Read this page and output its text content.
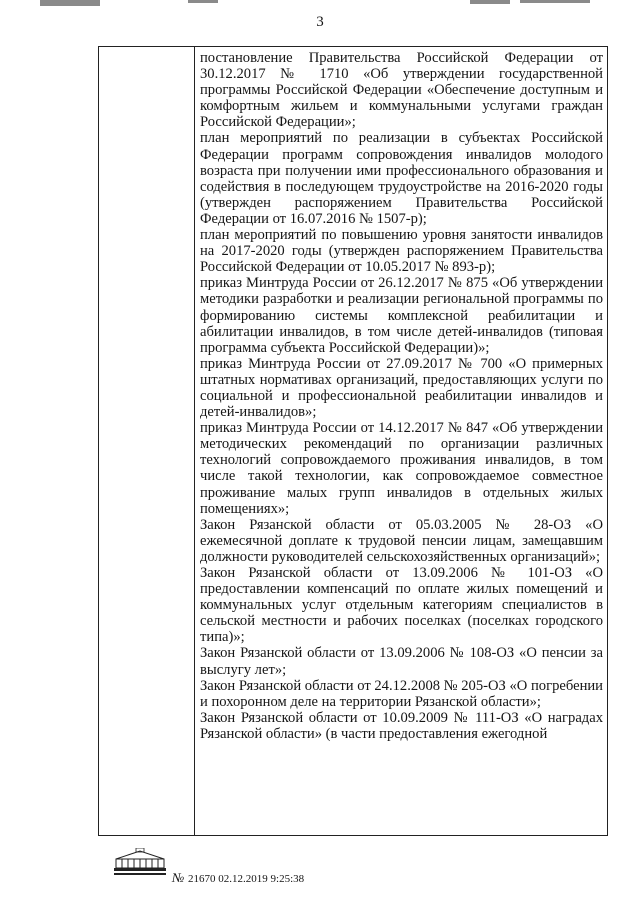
3

постановление Правительства Российской Федерации от 30.12.2017 № 1710 «Об утверждении государственной программы Российской Федерации «Обеспечение доступным и комфортным жильем и коммунальными услугами граждан Российской Федерации»;

план мероприятий по реализации в субъектах Российской Федерации программ сопровождения инвалидов молодого возраста при получении ими профессионального образования и содействия в последующем трудоустройстве на 2016-2020 годы (утвержден распоряжением Правительства Российской Федерации от 16.07.2016 № 1507-р);

план мероприятий по повышению уровня занятости инвалидов на 2017-2020 годы (утвержден распоряжением Правительства Российской Федерации от 10.05.2017 № 893-р);

приказ Минтруда России от 26.12.2017 № 875 «Об утверждении методики разработки и реализации региональной программы по формированию системы комплексной реабилитации и абилитации инвалидов, в том числе детей-инвалидов (типовая программа субъекта Российской Федерации)»;

приказ Минтруда России от 27.09.2017 № 700 «О примерных штатных нормативах организаций, предоставляющих услуги по социальной и профессиональной реабилитации инвалидов и детей-инвалидов»;

приказ Минтруда России от 14.12.2017 № 847 «Об утверждении методических рекомендаций по организации различных технологий сопровождаемого проживания инвалидов, в том числе такой технологии, как сопровождаемое совместное проживание малых групп инвалидов в отдельных жилых помещениях»;

Закон Рязанской области от 05.03.2005 № 28-ОЗ «О ежемесячной доплате к трудовой пенсии лицам, замещавшим должности руководителей сельскохозяйственных организаций»;

Закон Рязанской области от 13.09.2006 № 101-ОЗ «О предоставлении компенсаций по оплате жилых помещений и коммунальных услуг отдельным категориям специалистов в сельской местности и рабочих поселках (поселках городского типа)»;

Закон Рязанской области от 13.09.2006 № 108-ОЗ «О пенсии за выслугу лет»;

Закон Рязанской области от 24.12.2008 № 205-ОЗ «О погребении и похоронном деле на территории Рязанской области»;

Закон Рязанской области от 10.09.2009 № 111-ОЗ «О наградах Рязанской области» (в части предоставления ежегодной

№ 21670 02.12.2019 9:25:38
